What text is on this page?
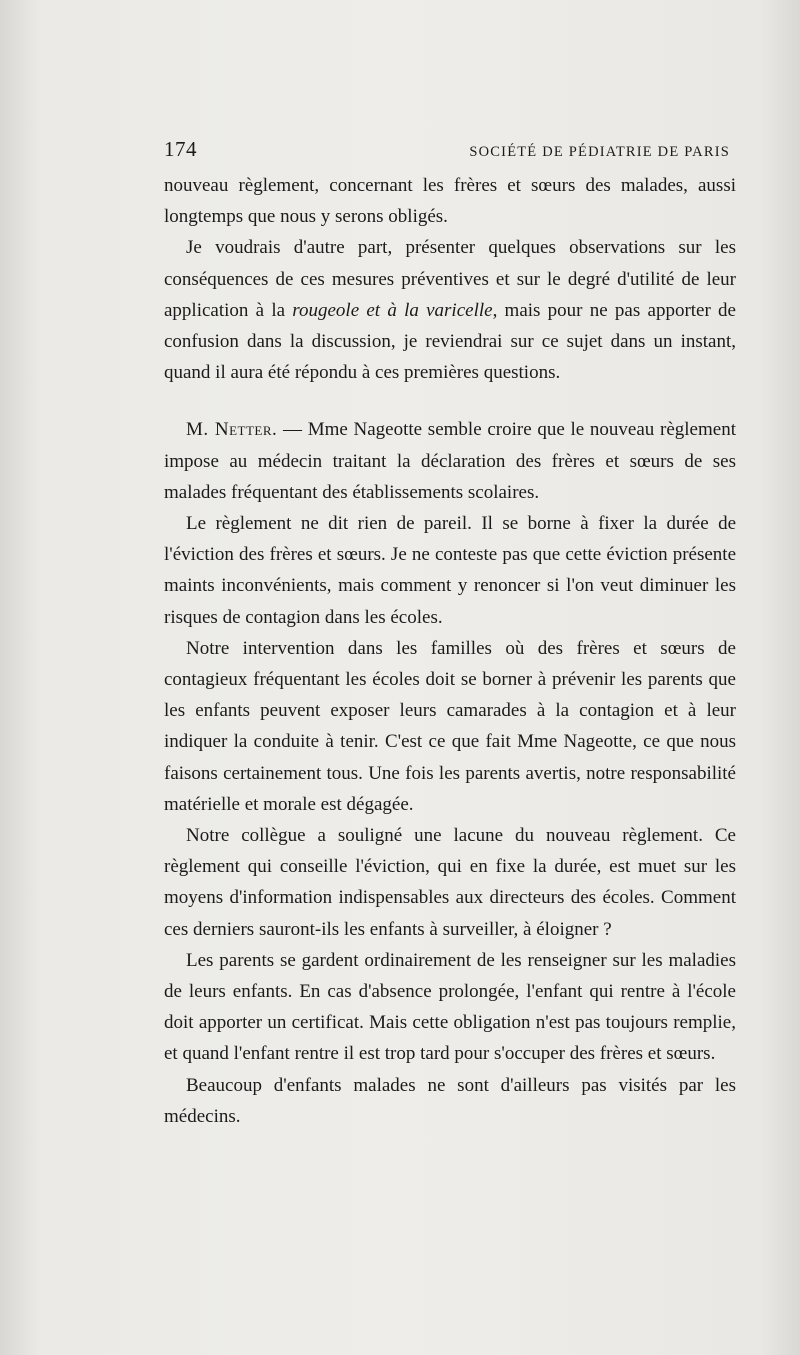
174	SOCIÉTÉ DE PÉDIATRIE DE PARIS

nouveau règlement, concernant les frères et sœurs des malades, aussi longtemps que nous y serons obligés.

Je voudrais d'autre part, présenter quelques observations sur les conséquences de ces mesures préventives et sur le degré d'utilité de leur application à la rougeole et à la varicelle, mais pour ne pas apporter de confusion dans la discussion, je reviendrai sur ce sujet dans un instant, quand il aura été répondu à ces premières questions.

M. Netter. — Mme Nageotte semble croire que le nouveau règlement impose au médecin traitant la déclaration des frères et sœurs de ses malades fréquentant des établissements scolaires.

Le règlement ne dit rien de pareil. Il se borne à fixer la durée de l'éviction des frères et sœurs. Je ne conteste pas que cette éviction présente maints inconvénients, mais comment y renoncer si l'on veut diminuer les risques de contagion dans les écoles.

Notre intervention dans les familles où des frères et sœurs de contagieux fréquentant les écoles doit se borner à prévenir les parents que les enfants peuvent exposer leurs camarades à la contagion et à leur indiquer la conduite à tenir. C'est ce que fait Mme Nageotte, ce que nous faisons certainement tous. Une fois les parents avertis, notre responsabilité matérielle et morale est dégagée.

Notre collègue a souligné une lacune du nouveau règlement. Ce règlement qui conseille l'éviction, qui en fixe la durée, est muet sur les moyens d'information indispensables aux directeurs des écoles. Comment ces derniers sauront-ils les enfants à surveiller, à éloigner ?

Les parents se gardent ordinairement de les renseigner sur les maladies de leurs enfants. En cas d'absence prolongée, l'enfant qui rentre à l'école doit apporter un certificat. Mais cette obligation n'est pas toujours remplie, et quand l'enfant rentre il est trop tard pour s'occuper des frères et sœurs.

Beaucoup d'enfants malades ne sont d'ailleurs pas visités par les médecins.
